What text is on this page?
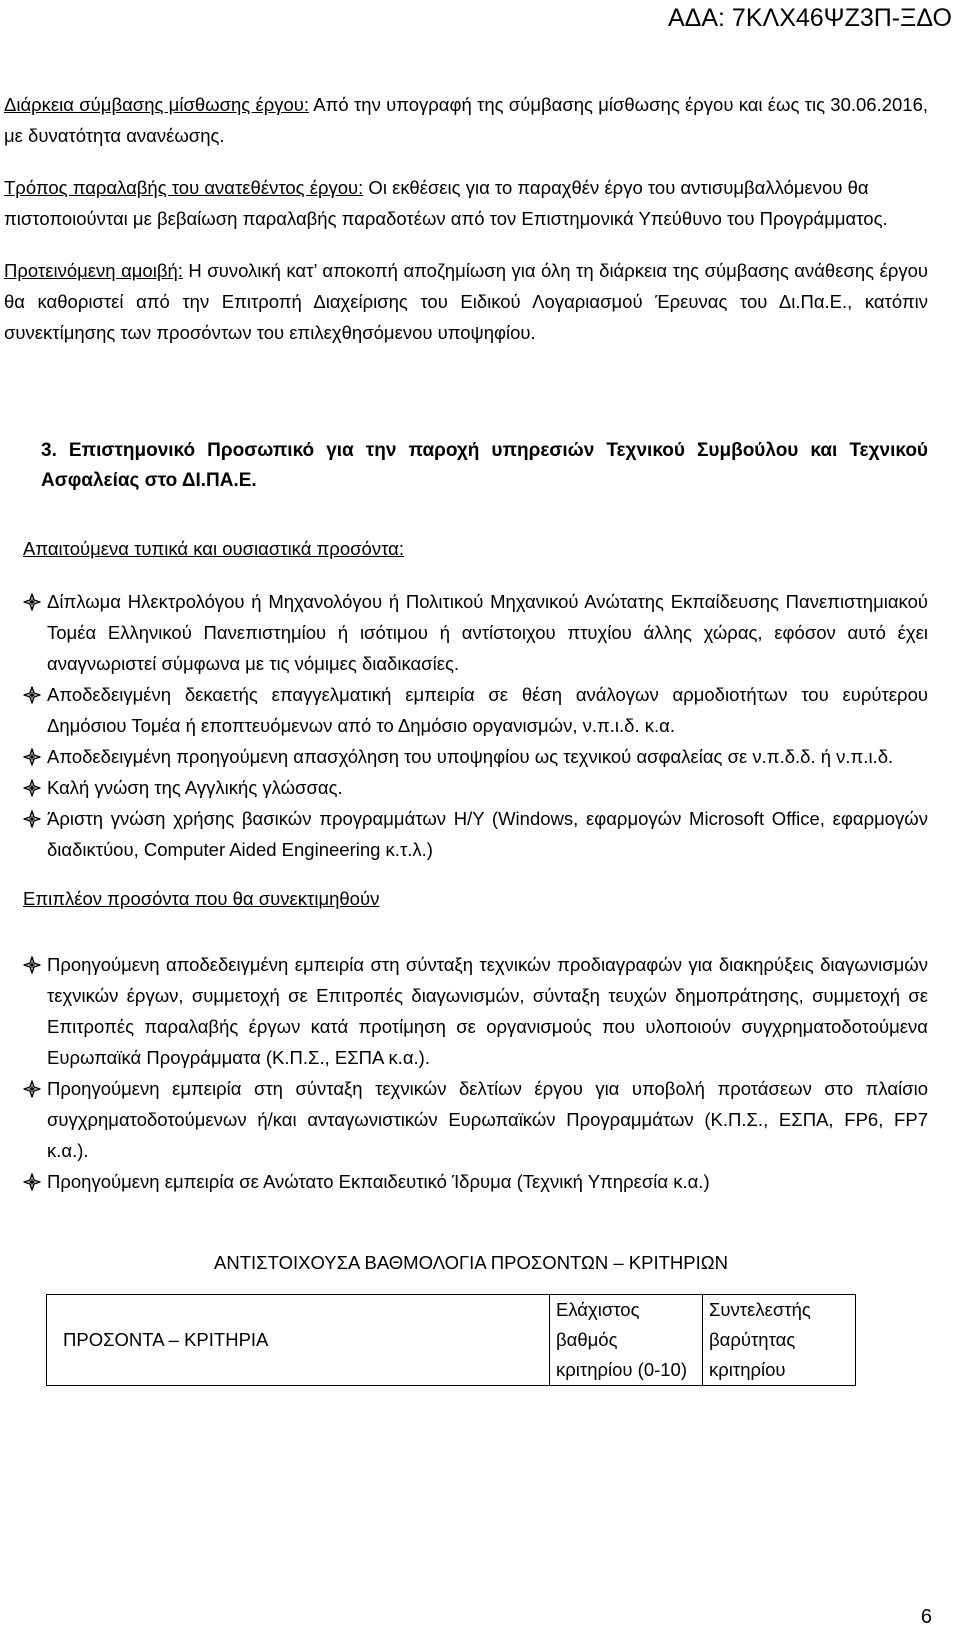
ΑΔΑ: 7ΚΛΧ46ΨΖ3Π-ΞΔΟ

Διάρκεια σύμβασης μίσθωσης έργου: Από την υπογραφή της σύμβασης μίσθωσης έργου και έως τις 30.06.2016, με δυνατότητα ανανέωσης.

Τρόπος παραλαβής του ανατεθέντος έργου: Οι εκθέσεις για το παραχθέν έργο του αντισυμβαλλόμενου θα πιστοποιούνται με βεβαίωση παραλαβής παραδοτέων από τον Επιστημονικά Υπεύθυνο του Προγράμματος.

Προτεινόμενη αμοιβή: Η συνολική κατ’ αποκοπή αποζημίωση για όλη τη διάρκεια της σύμβασης ανάθεσης έργου θα καθοριστεί από την Επιτροπή Διαχείρισης του Ειδικού Λογαριασμού Έρευνας του Δι.Πα.Ε., κατόπιν συνεκτίμησης των προσόντων του επιλεχθησόμενου υποψηφίου.

3. Επιστημονικό Προσωπικό για την παροχή υπηρεσιών Τεχνικού Συμβούλου και Τεχνικού Ασφαλείας στο ΔΙ.ΠΑ.Ε.
Απαιτούμενα τυπικά και ουσιαστικά προσόντα:
Δίπλωμα Ηλεκτρολόγου ή Μηχανολόγου ή Πολιτικού Μηχανικού Ανώτατης Εκπαίδευσης Πανεπιστημιακού Τομέα Ελληνικού Πανεπιστημίου ή ισότιμου ή αντίστοιχου πτυχίου άλλης χώρας, εφόσον αυτό έχει αναγνωριστεί σύμφωνα με τις νόμιμες διαδικασίες.
Αποδεδειγμένη δεκαετής επαγγελματική εμπειρία σε θέση ανάλογων αρμοδιοτήτων του ευρύτερου Δημόσιου Τομέα ή εποπτευόμενων από το Δημόσιο οργανισμών, ν.π.ι.δ. κ.α.
Αποδεδειγμένη προηγούμενη απασχόληση του υποψηφίου ως τεχνικού ασφαλείας σε ν.π.δ.δ. ή ν.π.ι.δ.
Καλή γνώση της Αγγλικής γλώσσας.
Άριστη γνώση χρήσης βασικών προγραμμάτων Η/Υ (Windows, εφαρμογών Microsoft Office, εφαρμογών διαδικτύου, Computer Aided Engineering κ.τ.λ.)
Επιπλέον προσόντα που θα συνεκτιμηθούν
Προηγούμενη αποδεδειγμένη εμπειρία στη σύνταξη τεχνικών προδιαγραφών για διακηρύξεις διαγωνισμών τεχνικών έργων, συμμετοχή σε Επιτροπές διαγωνισμών, σύνταξη τευχών δημοπράτησης, συμμετοχή σε Επιτροπές παραλαβής έργων κατά προτίμηση σε οργανισμούς που υλοποιούν συγχρηματοδοτούμενα Ευρωπαϊκά Προγράμματα (Κ.Π.Σ., ΕΣΠΑ κ.α.).
Προηγούμενη εμπειρία στη σύνταξη τεχνικών δελτίων έργου για υποβολή προτάσεων στο πλαίσιο συγχρηματοδοτούμενων ή/και ανταγωνιστικών Ευρωπαϊκών Προγραμμάτων (Κ.Π.Σ., ΕΣΠΑ, FP6, FP7 κ.α.).
Προηγούμενη εμπειρία σε Ανώτατο Εκπαιδευτικό Ίδρυμα (Τεχνική Υπηρεσία κ.α.)
ΑΝΤΙΣΤΟΙΧΟΥΣΑ ΒΑΘΜΟΛΟΓΙΑ ΠΡΟΣΟΝΤΩΝ – ΚΡΙΤΗΡΙΩΝ
ΠΡΟΣΟΝΤΑ – ΚΡΙΤΗΡΙΑ	Ελάχιστος βαθμός κριτηρίου (0-10)	Συντελεστής βαρύτητας κριτηρίου
6
